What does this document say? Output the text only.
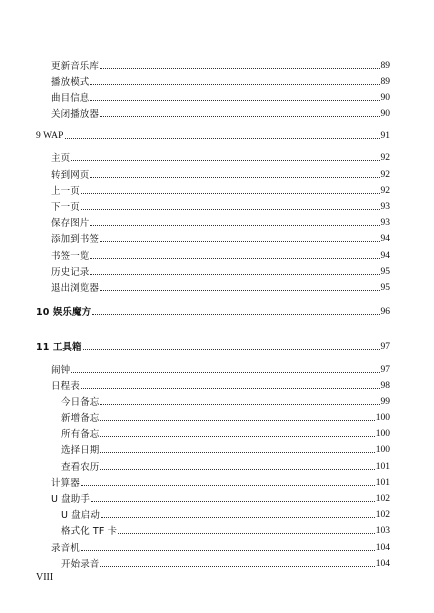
更新音乐库	89
播放模式	89
曲目信息	90
关闭播放器	90
9 WAP	91
主页	92
转到网页	92
上一页	92
下一页	93
保存图片	93
添加到书签	94
书签一览	94
历史记录	95
退出浏览器	95
10 娱乐魔方	96
11 工具箱	97
闹钟	97
日程表	98
今日备忘	99
新增备忘	100
所有备忘	100
选择日期	100
查看农历	101
计算器	101
U 盘助手	102
U 盘启动	102
格式化 TF 卡	103
录音机	104
开始录音	104
VIII
